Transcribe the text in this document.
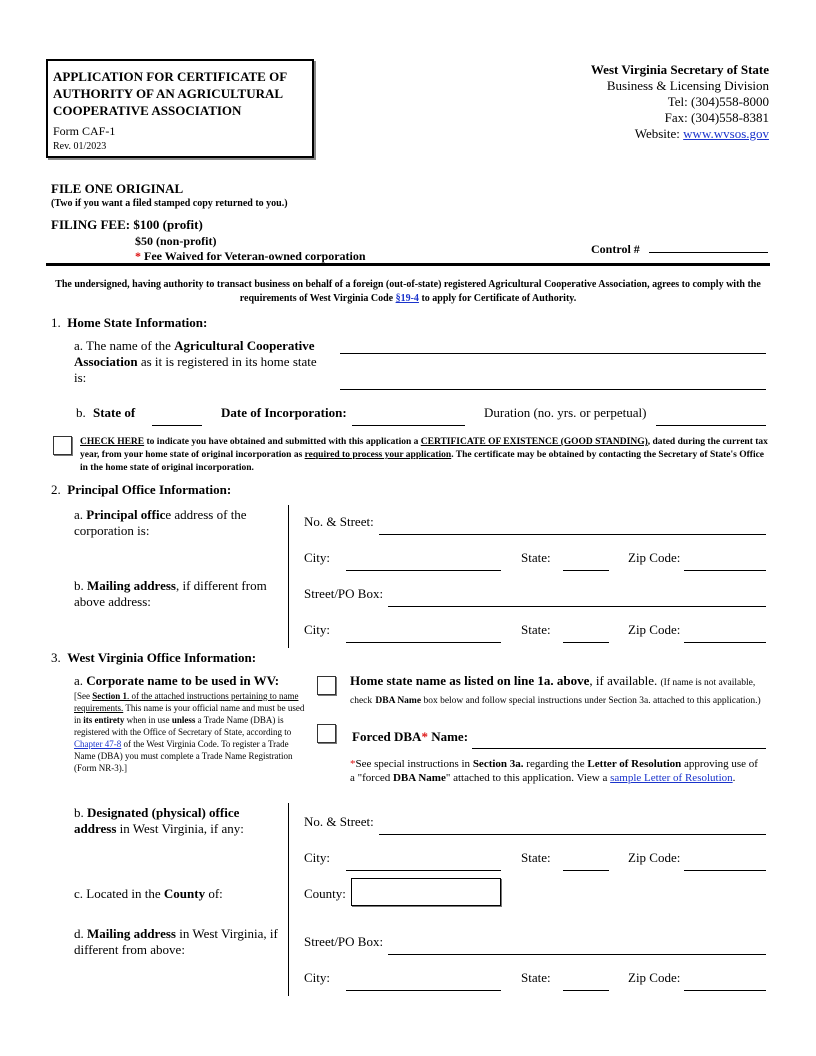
APPLICATION FOR CERTIFICATE OF AUTHORITY OF AN AGRICULTURAL COOPERATIVE ASSOCIATION
Form CAF-1
Rev. 01/2023
West Virginia Secretary of State
Business & Licensing Division
Tel: (304)558-8000
Fax: (304)558-8381
Website: www.wvsos.gov
FILE ONE ORIGINAL
(Two if you want a filed stamped copy returned to you.)
FILING FEE: $100 (profit)
$50 (non-profit)
* Fee Waived for Veteran-owned corporation	Control #
The undersigned, having authority to transact business on behalf of a foreign (out-of-state) registered Agricultural Cooperative Association, agrees to comply with the requirements of West Virginia Code §19-4 to apply for Certificate of Authority.
1. Home State Information:
a. The name of the Agricultural Cooperative Association as it is registered in its home state is:
b. State of	Date of Incorporation:	Duration (no. yrs. or perpetual)
CHECK HERE to indicate you have obtained and submitted with this application a CERTIFICATE OF EXISTENCE (GOOD STANDING), dated during the current tax year, from your home state of original incorporation as required to process your application. The certificate may be obtained by contacting the Secretary of State's Office in the home state of original incorporation.
2. Principal Office Information:
a. Principal office address of the corporation is:
No. & Street:
City:	State:	Zip Code:
b. Mailing address, if different from above address:
Street/PO Box:
City:	State:	Zip Code:
3. West Virginia Office Information:
a. Corporate name to be used in WV:
[See Section 1. of the attached instructions pertaining to name requirements. This name is your official name and must be used in its entirety when in use unless a Trade Name (DBA) is registered with the Office of Secretary of State, according to Chapter 47-8 of the West Virginia Code. To register a Trade Name (DBA) you must complete a Trade Name Registration (Form NR-3).]
Home state name as listed on line 1a. above, if available. (If name is not available, check DBA Name box below and follow special instructions under Section 3a. attached to this application.)
Forced DBA* Name:
*See special instructions in Section 3a. regarding the Letter of Resolution approving use of a "forced DBA Name" attached to this application. View a sample Letter of Resolution.
b. Designated (physical) office address in West Virginia, if any:	No. & Street:
City:	State:	Zip Code:
c. Located in the County of:	County:
d. Mailing address in West Virginia, if different from above:
Street/PO Box:
City:	State:	Zip Code:
